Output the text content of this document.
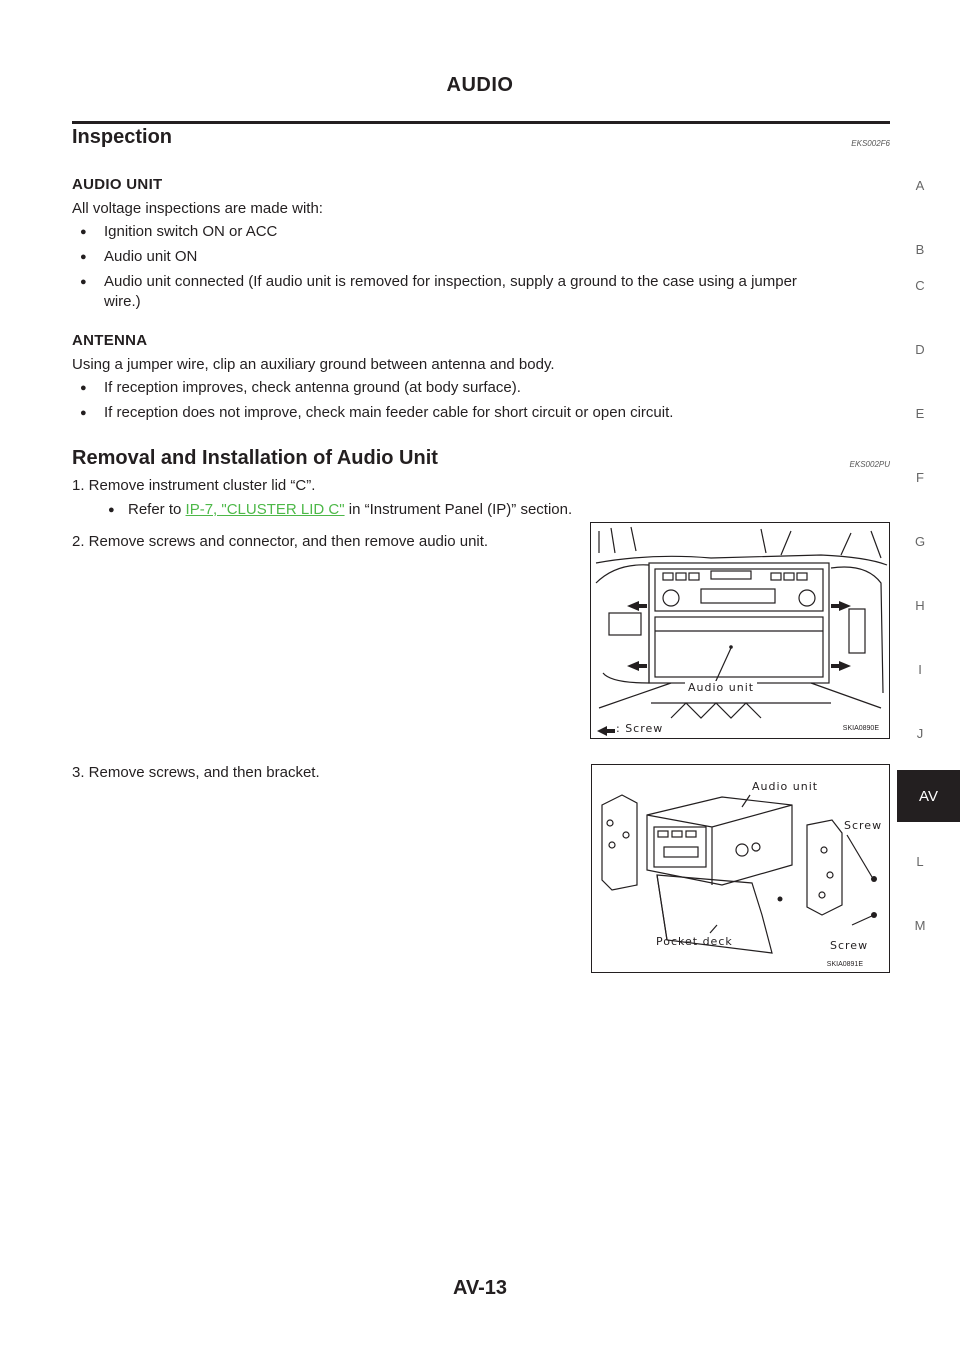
AUDIO
A
B
C
D
E
F
G
H
I
J
AV
L
M
Inspection	EKS002F6
AUDIO UNIT
All voltage inspections are made with:
● Ignition switch ON or ACC
● Audio unit ON
● Audio unit connected (If audio unit is removed for inspection, supply a ground to the case using a jumper
wire.)
ANTENNA
Using a jumper wire, clip an auxiliary ground between antenna and body.
● If reception improves, check antenna ground (at body surface).
● If reception does not improve, check main feeder cable for short circuit or open circuit.
Removal and Installation of Audio Unit	EKS002PU
1. Remove instrument cluster lid “C”.
● Refer to IP-7, "CLUSTER LID C" in “Instrument Panel (IP)” section.
2. Remove screws and connector, and then remove audio unit.
Audio unit
: Screw	SKIA0890E
3. Remove screws, and then bracket.
Audio unit
Screw
Pocket deck	Screw
SKIA0891E
AV-13
